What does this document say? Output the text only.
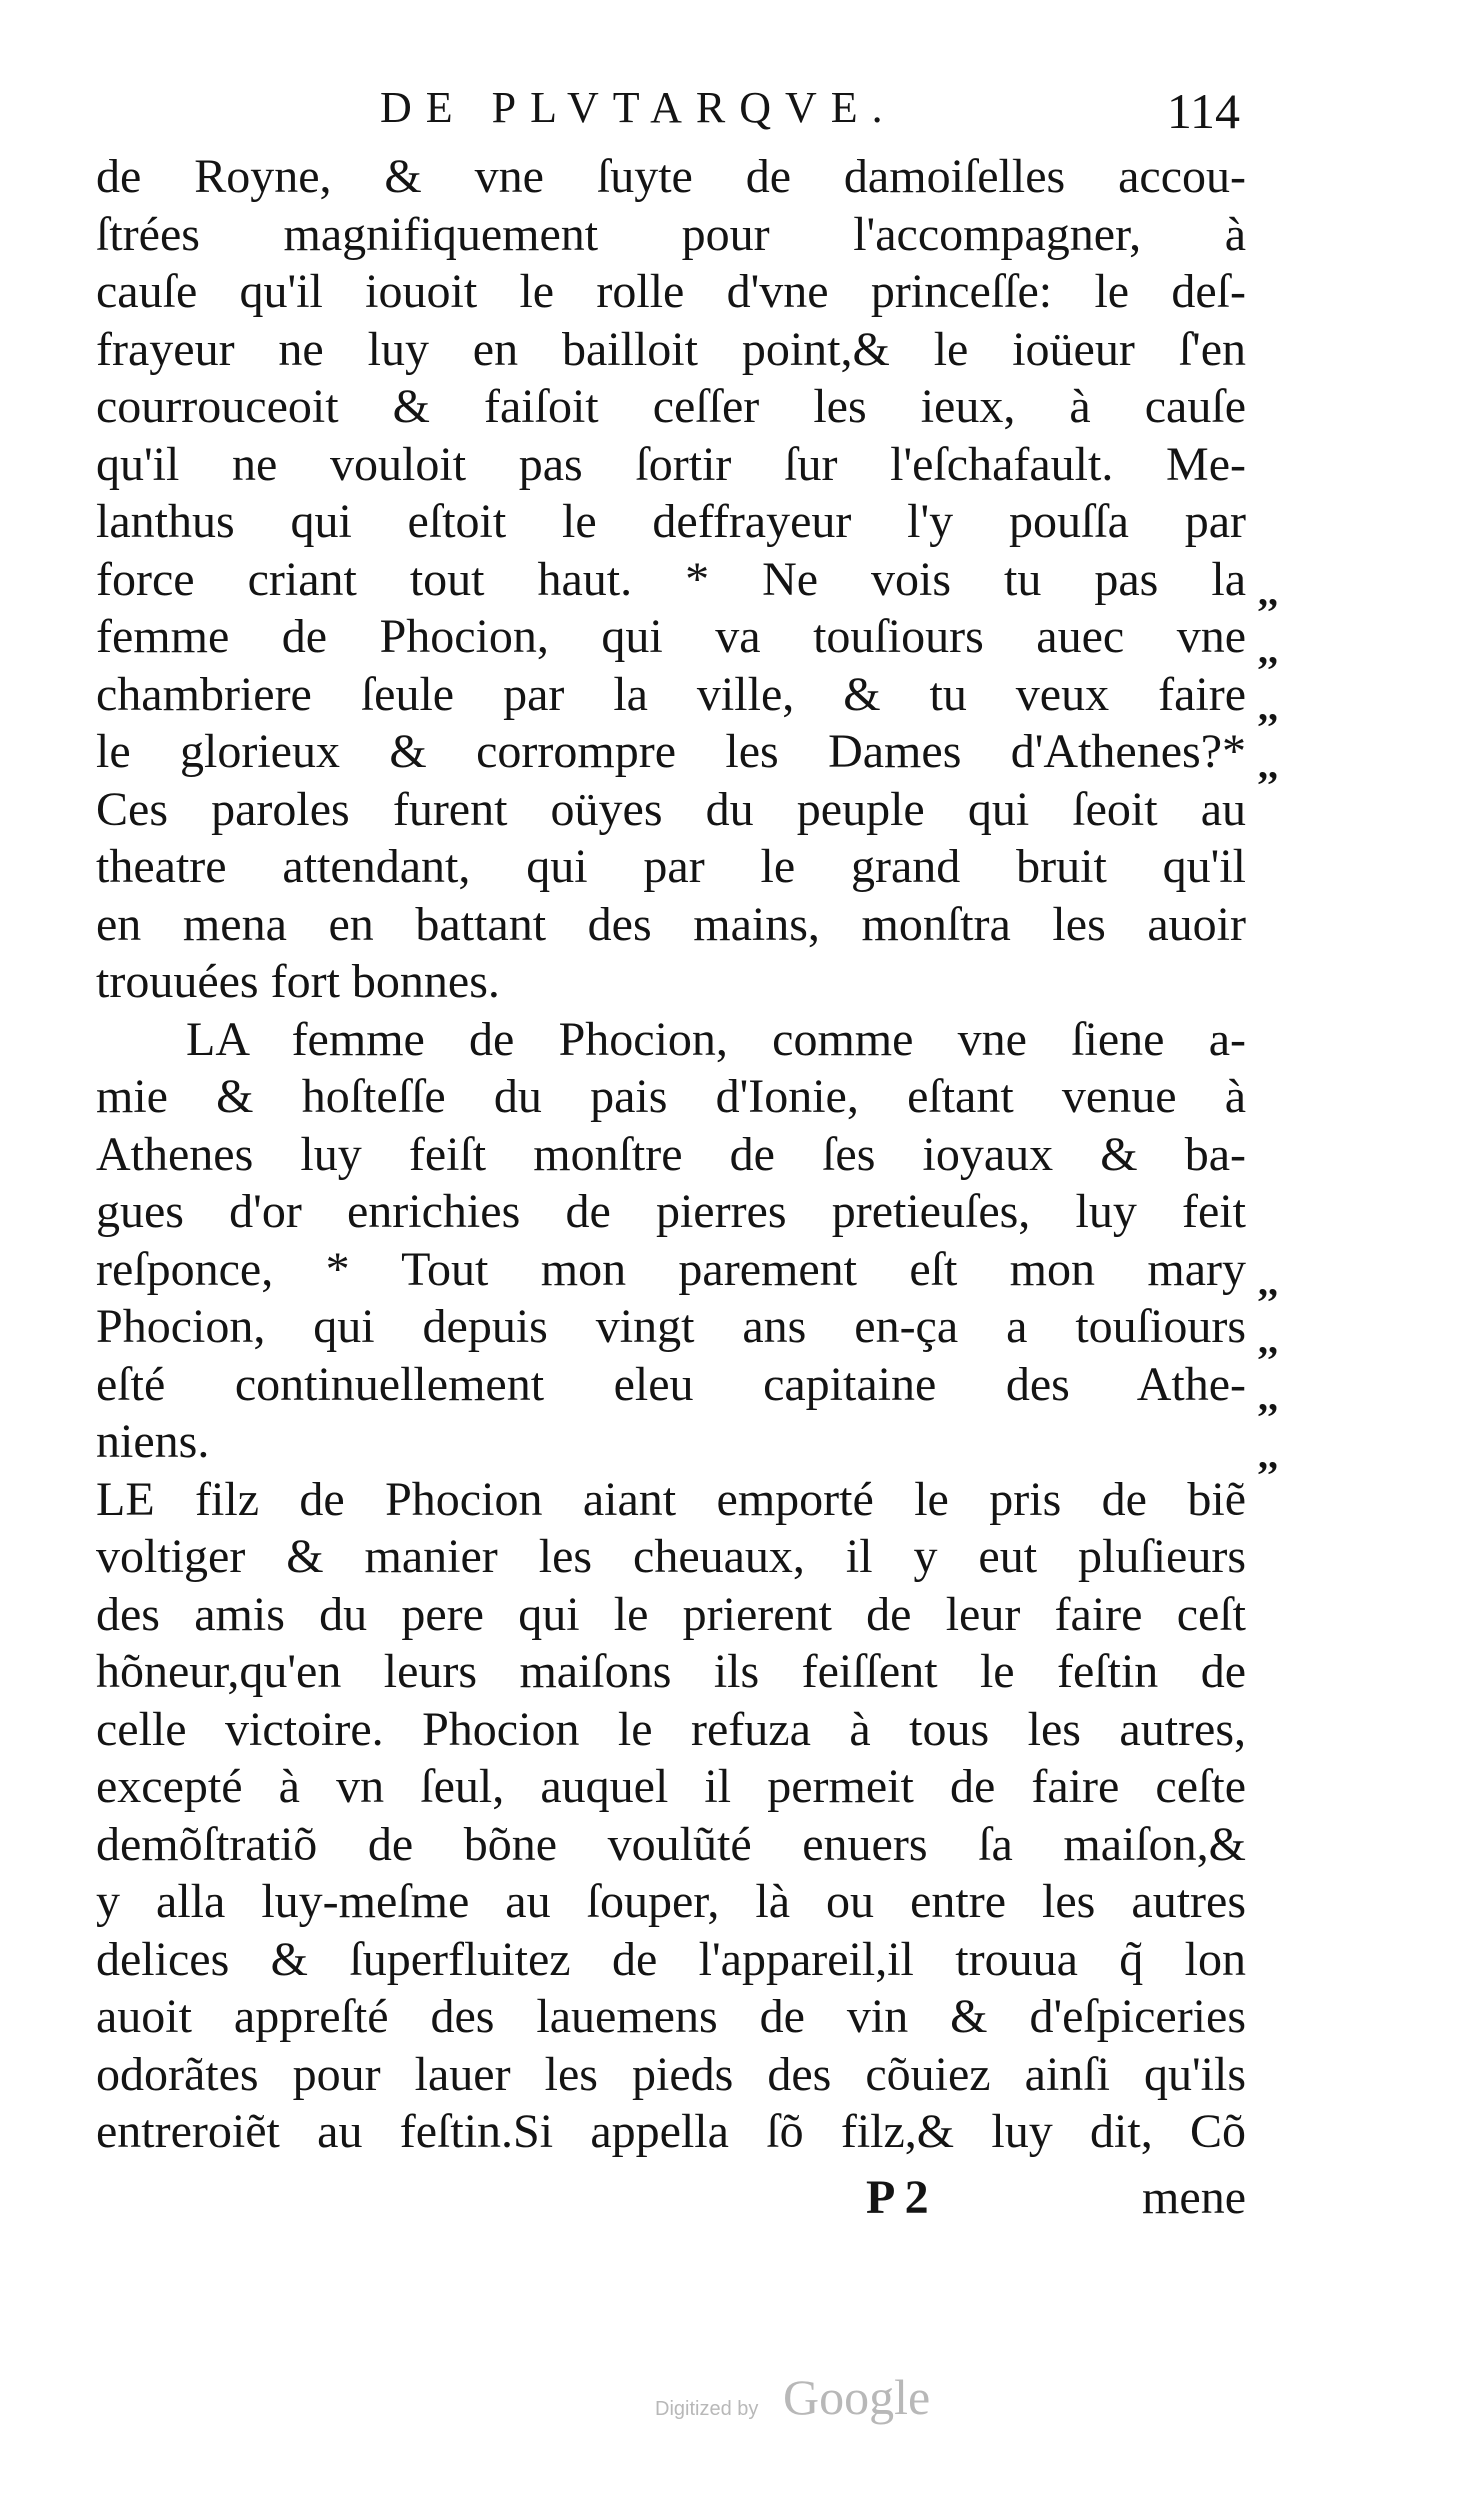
DE PLVTARQVE.	114
de Royne, & vne ſuyte de damoiſelles accou-
ſtrées magnifiquement pour l'accompagner, à
cauſe qu'il iouoit le rolle d'vne princeſſe: le deſ-
frayeur ne luy en bailloit point,& le ioüeur ſ'en
courrouceoit & faiſoit ceſſer les ieux, à cauſe
qu'il ne vouloit pas ſortir ſur l'eſchafault. Me-
lanthus qui eſtoit le deffrayeur l'y pouſſa par
force criant tout haut. * Ne vois tu pas la
femme de Phocion, qui va touſiours auec vne
chambriere ſeule par la ville, & tu veux faire
le glorieux & corrompre les Dames d'Athenes?*
Ces paroles furent oüyes du peuple qui ſeoit au
theatre attendant, qui par le grand bruit qu'il
en mena en battant des mains, monſtra les auoir
trouuées fort bonnes.
LA femme de Phocion, comme vne ſiene a-
mie & hoſteſſe du pais d'Ionie, eſtant venue à
Athenes luy feiſt monſtre de ſes ioyaux & ba-
gues d'or enrichies de pierres pretieuſes, luy feit
reſponce, * Tout mon parement eſt mon mary
Phocion, qui depuis vingt ans en-ça a touſiours
eſté continuellement eleu capitaine des Athe-
niens.
LE filz de Phocion aiant emporté le pris de biẽ
voltiger & manier les cheuaux, il y eut pluſieurs
des amis du pere qui le prierent de leur faire ceſt
hõneur,qu'en leurs maiſons ils feiſſent le feſtin de
celle victoire. Phocion le refuza à tous les autres,
excepté à vn ſeul, auquel il permeit de faire ceſte
demõſtratiõ de bõne voulũté enuers ſa maiſon,&
y alla luy-meſme au ſouper, là ou entre les autres
delices & ſuperfluitez de l'appareil,il trouua q̃ lon
auoit appreſté des lauemens de vin & d'eſpiceries
odorãtes pour lauer les pieds des cõuiez ainſi qu'ils
entreroiẽt au feſtin.Si appella ſõ filz,& luy dit, Cõ
,,
,,
,,
,,
,,
,,
,,
,,
P 2	mene
Digitized by Google
